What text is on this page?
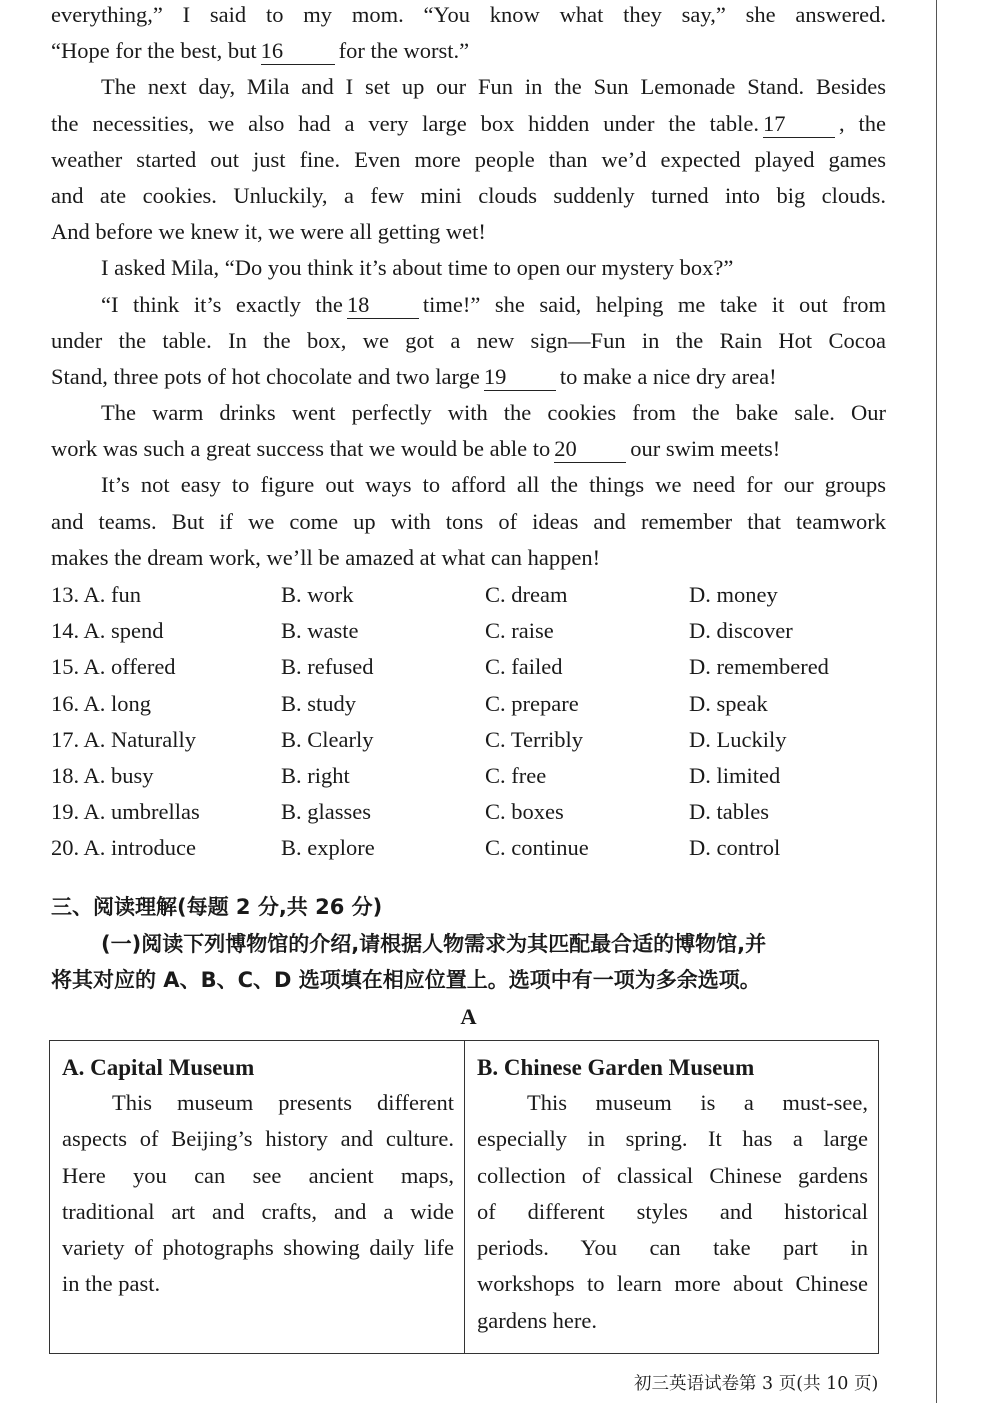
everything,” I said to my mom. “You know what they say,” she answered.
“Hope for the best, but 16 for the worst.”
The next day, Mila and I set up our Fun in the Sun Lemonade Stand. Besides
the necessities, we also had a very large box hidden under the table. 17 , the
weather started out just fine. Even more people than we’d expected played games
and ate cookies. Unluckily, a few mini clouds suddenly turned into big clouds.
And before we knew it, we were all getting wet!
I asked Mila, “Do you think it’s about time to open our mystery box?”
“I think it’s exactly the 18 time!” she said, helping me take it out from
under the table. In the box, we got a new sign—Fun in the Rain Hot Cocoa
Stand, three pots of hot chocolate and two large 19 to make a nice dry area!
The warm drinks went perfectly with the cookies from the bake sale. Our
work was such a great success that we would be able to 20 our swim meets!
It’s not easy to figure out ways to afford all the things we need for our groups
and teams. But if we come up with tons of ideas and remember that teamwork
makes the dream work, we’ll be amazed at what can happen!
13. A. fun	B. work	C. dream	D. money
14. A. spend	B. waste	C. raise	D. discover
15. A. offered	B. refused	C. failed	D. remembered
16. A. long	B. study	C. prepare	D. speak
17. A. Naturally	B. Clearly	C. Terribly	D. Luckily
18. A. busy	B. right	C. free	D. limited
19. A. umbrellas	B. glasses	C. boxes	D. tables
20. A. introduce	B. explore	C. continue	D. control
三、阅读理解(每题 2 分,共 26 分)
(一)阅读下列博物馆的介绍,请根据人物需求为其匹配最合适的博物馆,并
将其对应的 A、B、C、D 选项填在相应位置上。选项中有一项为多余选项。
A
A. Capital Museum
This museum presents different
aspects of Beijing’s history and culture.
Here you can see ancient maps,
traditional art and crafts, and a wide
variety of photographs showing daily life
in the past.
B. Chinese Garden Museum
This museum is a must-see,
especially in spring. It has a large
collection of classical Chinese gardens
of different styles and historical
periods. You can take part in
workshops to learn more about Chinese
gardens here.
初三英语试卷第 3 页(共 10 页)
